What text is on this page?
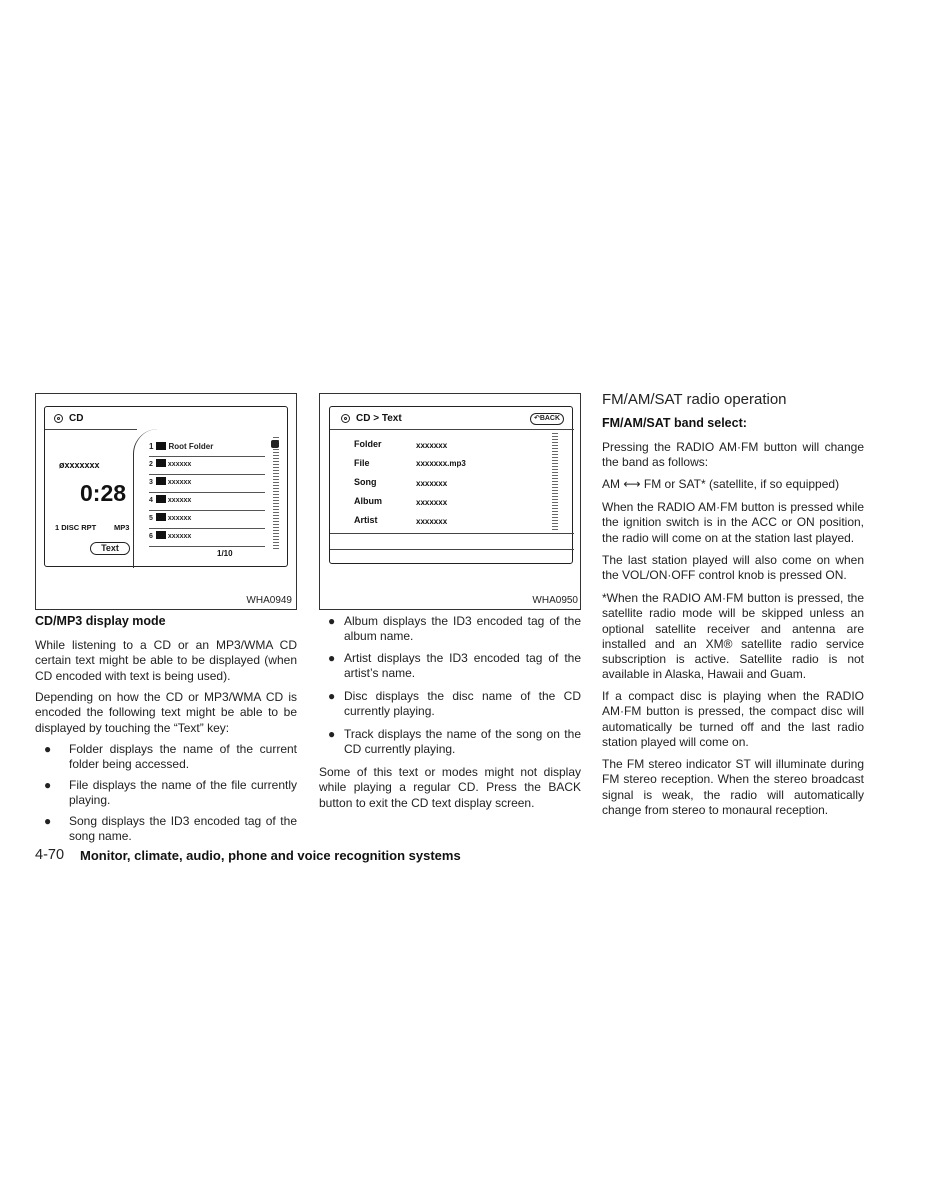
CD
øxxxxxxx
0:28
1 DISC RPT MP3
Text
1 Root Folder
2 xxxxxx
3 xxxxxx
4 xxxxxx
5 xxxxxx
6 xxxxxx
1/10
WHA0949
CD > Text	↶BACK
Folder	xxxxxxx
File	xxxxxxx.mp3
Song	xxxxxxx
Album	xxxxxxx
Artist	xxxxxxx
WHA0950
CD/MP3 display mode

While listening to a CD or an MP3/WMA CD certain text might be able to be displayed (when CD encoded with text is being used).

Depending on how the CD or MP3/WMA CD is encoded the following text might be able to be displayed by touching the “Text” key:

● Folder displays the name of the current folder being accessed.
● File displays the name of the file currently playing.
● Song displays the ID3 encoded tag of the song name.
● Album displays the ID3 encoded tag of the album name.
● Artist displays the ID3 encoded tag of the artist’s name.
● Disc displays the disc name of the CD currently playing.
● Track displays the name of the song on the CD currently playing.

Some of this text or modes might not display while playing a regular CD. Press the BACK button to exit the CD text display screen.

FM/AM/SAT radio operation
FM/AM/SAT band select:

Pressing the RADIO AM·FM button will change the band as follows:

AM ⟷ FM or SAT* (satellite, if so equipped)

When the RADIO AM·FM button is pressed while the ignition switch is in the ACC or ON position, the radio will come on at the station last played.

The last station played will also come on when the VOL/ON·OFF control knob is pressed ON.

*When the RADIO AM·FM button is pressed, the satellite radio mode will be skipped unless an optional satellite receiver and antenna are installed and an XM® satellite radio service subscription is active. Satellite radio is not available in Alaska, Hawaii and Guam.

If a compact disc is playing when the RADIO AM·FM button is pressed, the compact disc will automatically be turned off and the last radio station played will come on.

The FM stereo indicator ST will illuminate during FM stereo reception. When the stereo broadcast signal is weak, the radio will automatically change from stereo to monaural reception.

4-70 Monitor, climate, audio, phone and voice recognition systems
